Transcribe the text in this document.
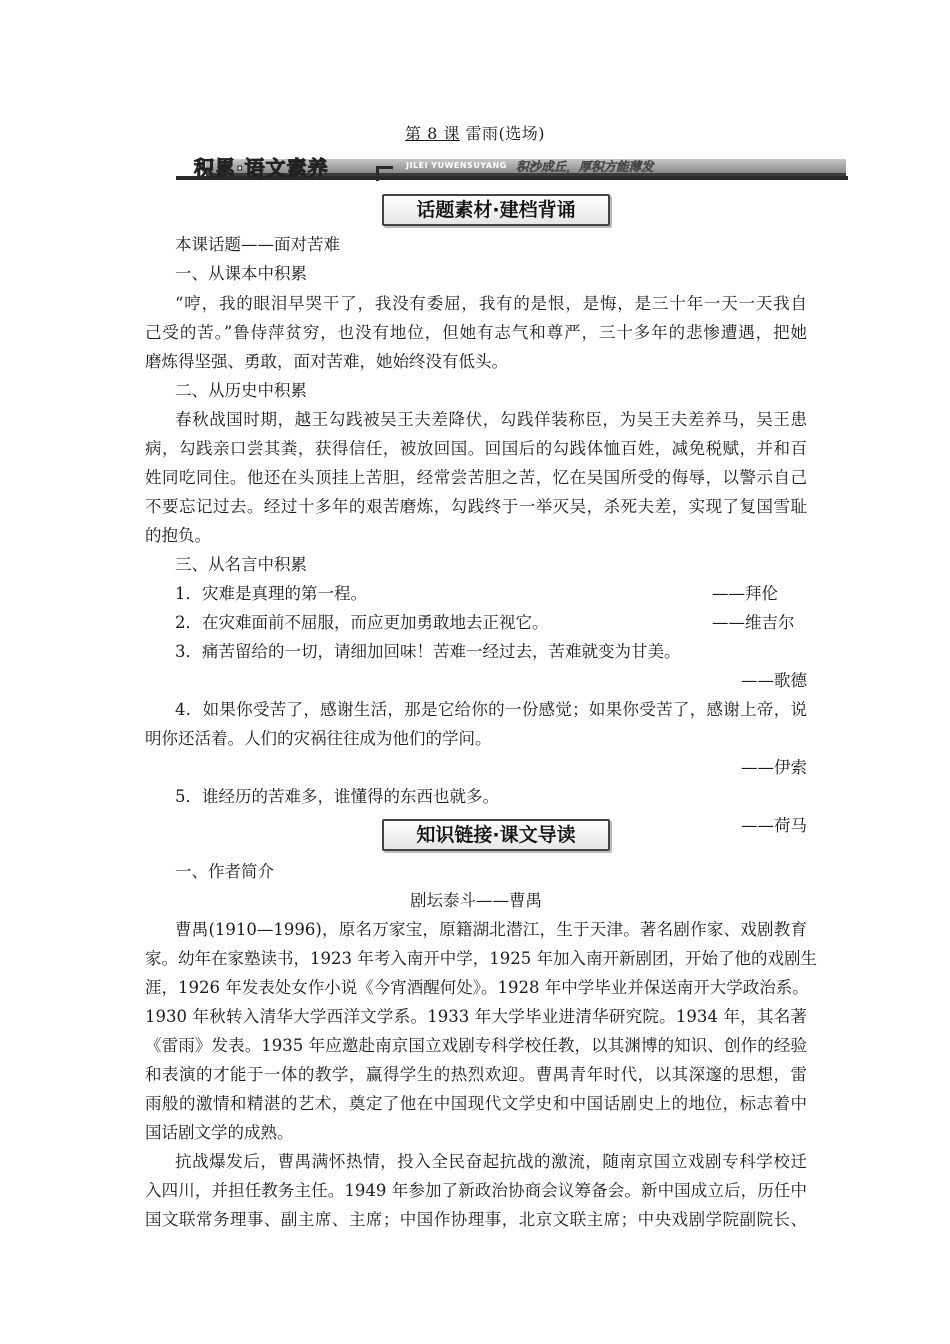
第 8 课 雷雨(选场)
积累·语文素养	JILEI YUWENSUYANG 积沙成丘，厚积方能薄发
话题素材·建档背诵
本课话题——面对苦难
一、从课本中积累
“哼，我的眼泪早哭干了，我没有委屈，我有的是恨，是悔，是三十年一天一天我自
己受的苦。”鲁侍萍贫穷，也没有地位，但她有志气和尊严，三十多年的悲惨遭遇，把她
磨炼得坚强、勇敢，面对苦难，她始终没有低头。
二、从历史中积累
春秋战国时期，越王勾践被吴王夫差降伏，勾践佯装称臣，为吴王夫差养马，吴王患
病，勾践亲口尝其粪，获得信任，被放回国。回国后的勾践体恤百姓，减免税赋，并和百
姓同吃同住。他还在头顶挂上苦胆，经常尝苦胆之苦，忆在吴国所受的侮辱，以警示自己
不要忘记过去。经过十多年的艰苦磨炼，勾践终于一举灭吴，杀死夫差，实现了复国雪耻
的抱负。
三、从名言中积累
1．灾难是真理的第一程。	——拜伦
2．在灾难面前不屈服，而应更加勇敢地去正视它。	——维吉尔
3．痛苦留给的一切，请细加回味！苦难一经过去，苦难就变为甘美。
——歌德
4．如果你受苦了，感谢生活，那是它给你的一份感觉；如果你受苦了，感谢上帝，说
明你还活着。人们的灾祸往往成为他们的学问。
——伊索
5．谁经历的苦难多，谁懂得的东西也就多。
——荷马
知识链接·课文导读
一、作者简介
剧坛泰斗——曹禺
曹禺(1910—1996)，原名万家宝，原籍湖北潜江，生于天津。著名剧作家、戏剧教育
家。幼年在家塾读书，1923 年考入南开中学，1925 年加入南开新剧团，开始了他的戏剧生
涯，1926 年发表处女作小说《今宵酒醒何处》。1928 年中学毕业并保送南开大学政治系。
1930 年秋转入清华大学西洋文学系。1933 年大学毕业进清华研究院。1934 年，其名著
《雷雨》发表。1935 年应邀赴南京国立戏剧专科学校任教，以其渊博的知识、创作的经验
和表演的才能于一体的教学，赢得学生的热烈欢迎。曹禺青年时代，以其深邃的思想，雷
雨般的激情和精湛的艺术，奠定了他在中国现代文学史和中国话剧史上的地位，标志着中
国话剧文学的成熟。
抗战爆发后，曹禺满怀热情，投入全民奋起抗战的激流，随南京国立戏剧专科学校迁
入四川，并担任教务主任。1949 年参加了新政治协商会议筹备会。新中国成立后，历任中
国文联常务理事、副主席、主席；中国作协理事，北京文联主席；中央戏剧学院副院长、
